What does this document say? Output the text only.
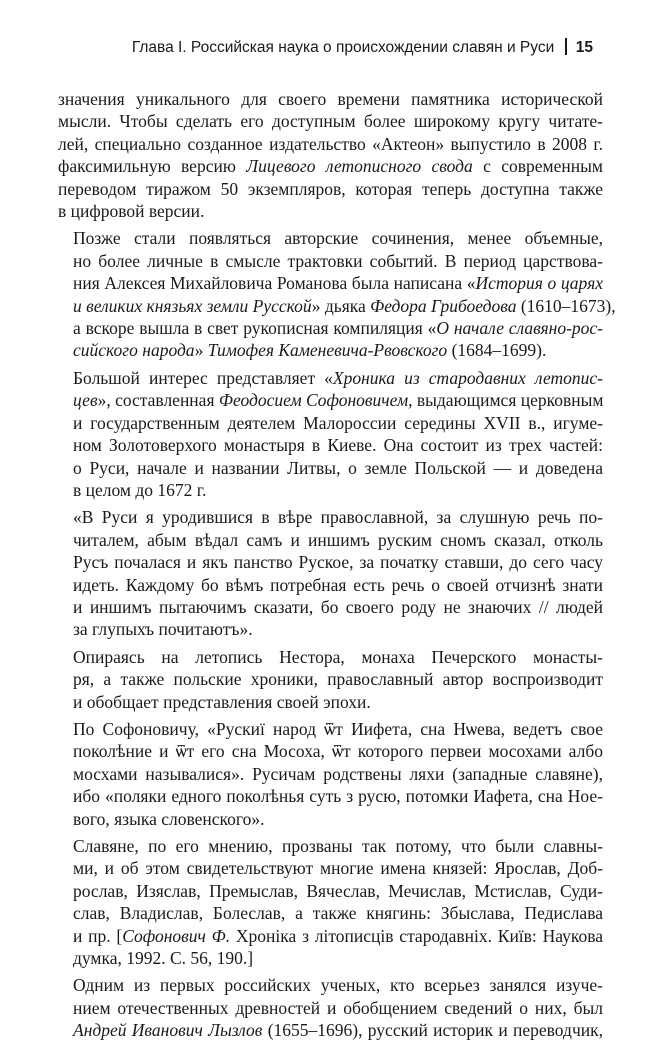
Глава I. Российская наука о происхождении славян и Руси 15

значения уникального для своего времени памятника исторической
мысли. Чтобы сделать его доступным более широкому кругу читате-
лей, специально созданное издательство «Актеон» выпустило в 2008 г.
факсимильную версию Лицевого летописного свода с современным
переводом тиражом 50 экземпляров, которая теперь доступна также
в цифровой версии.

Позже стали появляться авторские сочинения, менее объемные,
но более личные в смысле трактовки событий. В период царствова-
ния Алексея Михайловича Романова была написана «История о царях
и великих князьях земли Русской» дьяка Федора Грибоедова (1610–1673),
а вскоре вышла в свет рукописная компиляция «О начале славяно-рос-
сийского народа» Тимофея Каменевича-Рвовского (1684–1699).

Большой интерес представляет «Хроника из стародавних летопис-
цев», составленная Феодосием Софоновичем, выдающимся церковным
и государственным деятелем Малороссии середины XVII в., игуме-
ном Золотоверхого монастыря в Киеве. Она состоит из трех частей:
о Руси, начале и названии Литвы, о земле Польской — и доведена
в целом до 1672 г.

«В Руси я уродившися в вѣре православной, за слушную речь по-
читалем, абым вѣдал самъ и иншимъ руским сномъ сказал, отколь
Русъ почалася и якъ панство Руское, за початку ставши, до сего часу
идеть. Каждому бо вѣмъ потребная есть речь о своей отчизнѣ знати
и иншимъ пытаючимъ сказати, бо своего роду не знаючих // людей
за глупыхъ почитаютъ».

Опираясь на летопись Нестора, монаха Печерского монасты-
ря, а также польские хроники, православный автор воспроизводит
и обобщает представления своей эпохи.

По Софоновичу, «Рускиї народ ѿт Иифета, сна Нѡева, ведетъ свое
поколѣние и ѿт его сна Мосоха, ѿт которого первеи мосохами албо
мосхами называлися». Русичам родствены ляхи (западные славяне),
ибо «поляки едного поколѣнья суть з русю, потомки Иафета, сна Ное-
вого, языка словенского».

Славяне, по его мнению, прозваны так потому, что были славны-
ми, и об этом свидетельствуют многие имена князей: Ярослав, Доб-
рослав, Изяслав, Премыслав, Вячеслав, Мечислав, Мстислав, Суди-
слав, Владислав, Болеслав, а также княгинь: Збыслава, Педислава
и пр. [Софонович Ф. Хроніка з літописців стародавніх. Київ: Наукова
думка, 1992. С. 56, 190.]

Одним из первых российских ученых, кто всерьез занялся изуче-
нием отечественных древностей и обобщением сведений о них, был
Андрей Иванович Лызлов (1655–1696), русский историк и переводчик,
